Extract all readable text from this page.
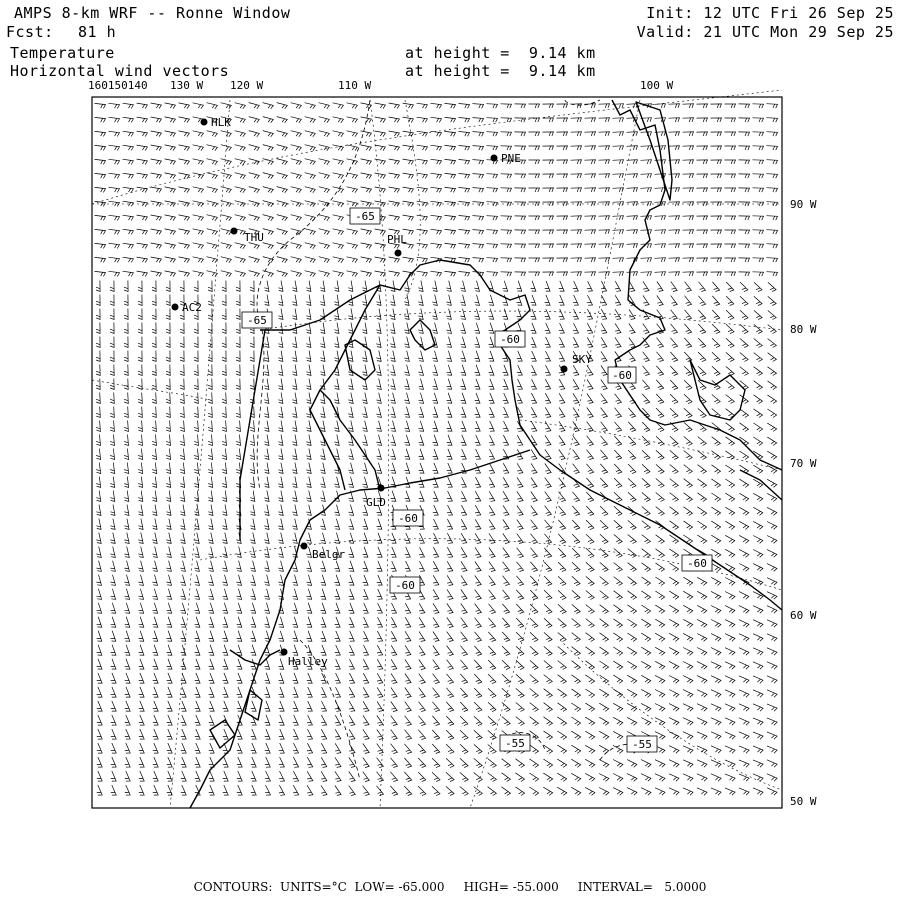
AMPS 8-km WRF -- Ronne Window
Fcst: 81 h
Temperature
Horizontal wind vectors
at height =  9.14 km
at height =  9.14 km
Init: 12 UTC Fri 26 Sep 25
Valid: 21 UTC Mon 29 Sep 25
-65
-65
-60
-60
-60
-60
-60
-55	-55
HLK
PNE
THU	PHL
AC2
SKY
GLD
Belgr
Halley
160150140 130 W 120 W	110 W	100 W
90 W
80 W
70 W
60 W
50 W
CONTOURS:  UNITS=°C  LOW= -65.000     HIGH= -55.000     INTERVAL=   5.0000
